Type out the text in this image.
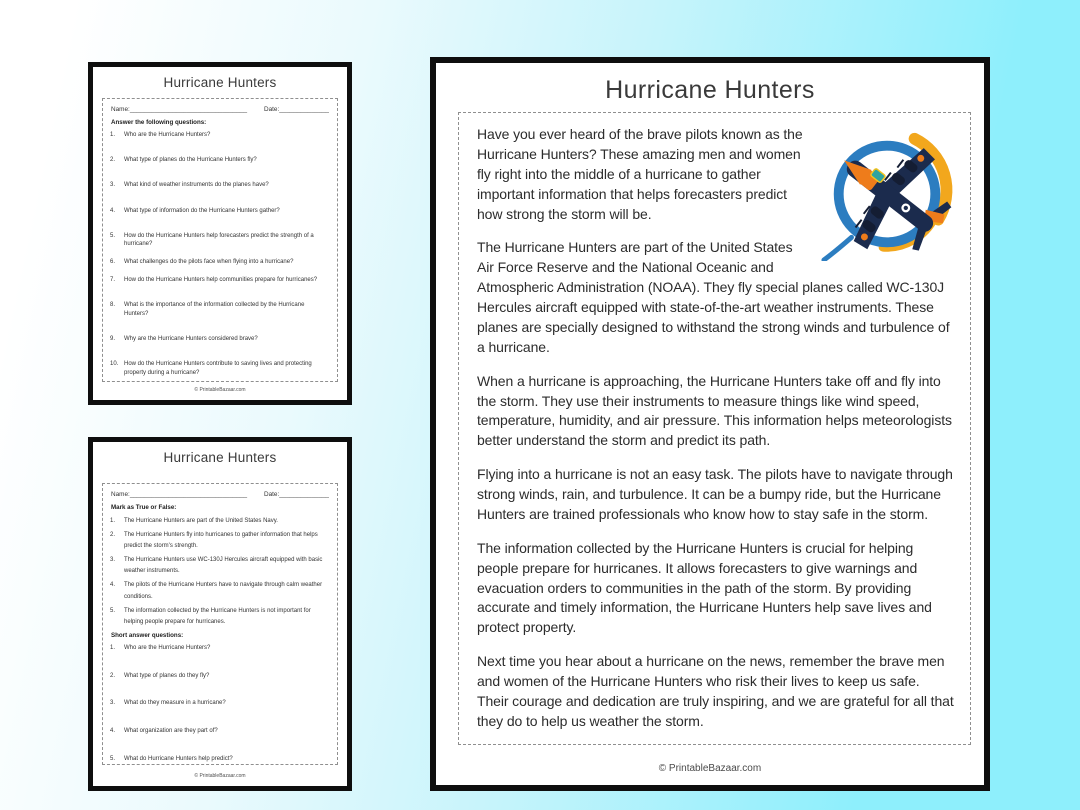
Hurricane Hunters
Name:_________________________________	Date:______________
Answer the following questions:
1.	Who are the Hurricane Hunters?
2.	What type of planes do the Hurricane Hunters fly?
3.	What kind of weather instruments do the planes have?
4.	What type of information do the Hurricane Hunters gather?
5.	How do the Hurricane Hunters help forecasters predict the strength of a hurricane?
6.	What challenges do the pilots face when flying into a hurricane?
7.	How do the Hurricane Hunters help communities prepare for hurricanes?
8.	What is the importance of the information collected by the Hurricane Hunters?
9.	Why are the Hurricane Hunters considered brave?
10. How do the Hurricane Hunters contribute to saving lives and protecting property during a hurricane?
© PrintableBazaar.com
Hurricane Hunters
Name:_________________________________	Date:______________
Mark as True or False:
1.	The Hurricane Hunters are part of the United States Navy.
2.	The Hurricane Hunters fly into hurricanes to gather information that helps predict the storm's strength.
3.	The Hurricane Hunters use WC-130J Hercules aircraft equipped with basic weather instruments.
4.	The pilots of the Hurricane Hunters have to navigate through calm weather conditions.
5.	The information collected by the Hurricane Hunters is not important for helping people prepare for hurricanes.
Short answer questions:
1.	Who are the Hurricane Hunters?
2.	What type of planes do they fly?
3.	What do they measure in a hurricane?
4.	What organization are they part of?
5.	What do Hurricane Hunters help predict?
© PrintableBazaar.com
Hurricane Hunters

Have you ever heard of the brave pilots known as the Hurricane Hunters? These amazing men and women fly right into the middle of a hurricane to gather important information that helps forecasters predict how strong the storm will be.

The Hurricane Hunters are part of the United States Air Force Reserve and the National Oceanic and Atmospheric Administration (NOAA). They fly special planes called WC-130J Hercules aircraft equipped with state-of-the-art weather instruments. These planes are specially designed to withstand the strong winds and turbulence of a hurricane.

When a hurricane is approaching, the Hurricane Hunters take off and fly into the storm. They use their instruments to measure things like wind speed, temperature, humidity, and air pressure. This information helps meteorologists better understand the storm and predict its path.

Flying into a hurricane is not an easy task. The pilots have to navigate through strong winds, rain, and turbulence. It can be a bumpy ride, but the Hurricane Hunters are trained professionals who know how to stay safe in the storm.

The information collected by the Hurricane Hunters is crucial for helping people prepare for hurricanes. It allows forecasters to give warnings and evacuation orders to communities in the path of the storm. By providing accurate and timely information, the Hurricane Hunters help save lives and protect property.

Next time you hear about a hurricane on the news, remember the brave men and women of the Hurricane Hunters who risk their lives to keep us safe. Their courage and dedication are truly inspiring, and we are grateful for all that they do to help us weather the storm.

© PrintableBazaar.com
